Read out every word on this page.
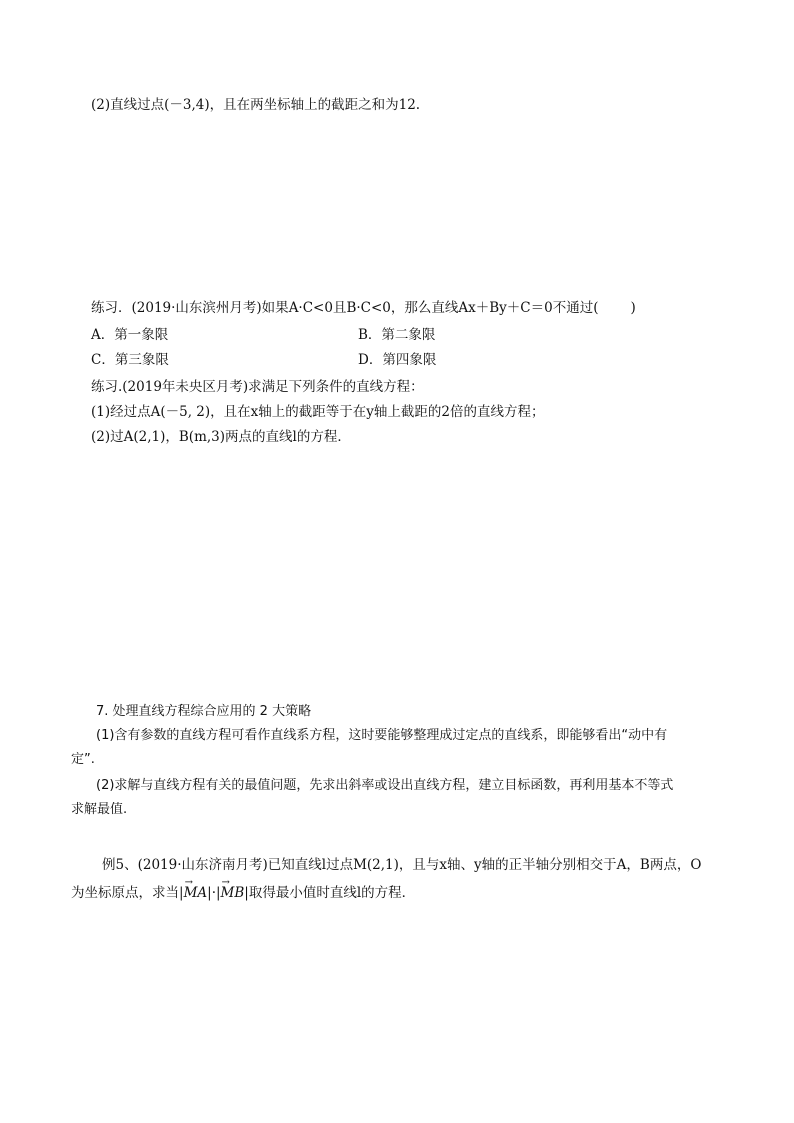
(2)直线过点(－3,4)，且在两坐标轴上的截距之和为12.
练习．(2019·山东滨州月考)如果A·C<0且B·C<0，那么直线Ax＋By＋C＝0不通过( )
A．第一象限	B．第二象限
C．第三象限	D．第四象限
练习.(2019年未央区月考)求满足下列条件的直线方程：
(1)经过点A(－5, 2)，且在x轴上的截距等于在y轴上截距的2倍的直线方程；
(2)过A(2,1)，B(m,3)两点的直线l的方程．
7. 处理直线方程综合应用的 2 大策略
(1)含有参数的直线方程可看作直线系方程，这时要能够整理成过定点的直线系，即能够看出“动中有
定”.
(2)求解与直线方程有关的最值问题，先求出斜率或设出直线方程，建立目标函数，再利用基本不等式
求解最值.
例5、(2019·山东济南月考)已知直线l过点M(2,1)，且与x轴、y轴的正半轴分别相交于A，B两点，O
为坐标原点，求当|→ MA|·|→ MB|取得最小值时直线l的方程．
